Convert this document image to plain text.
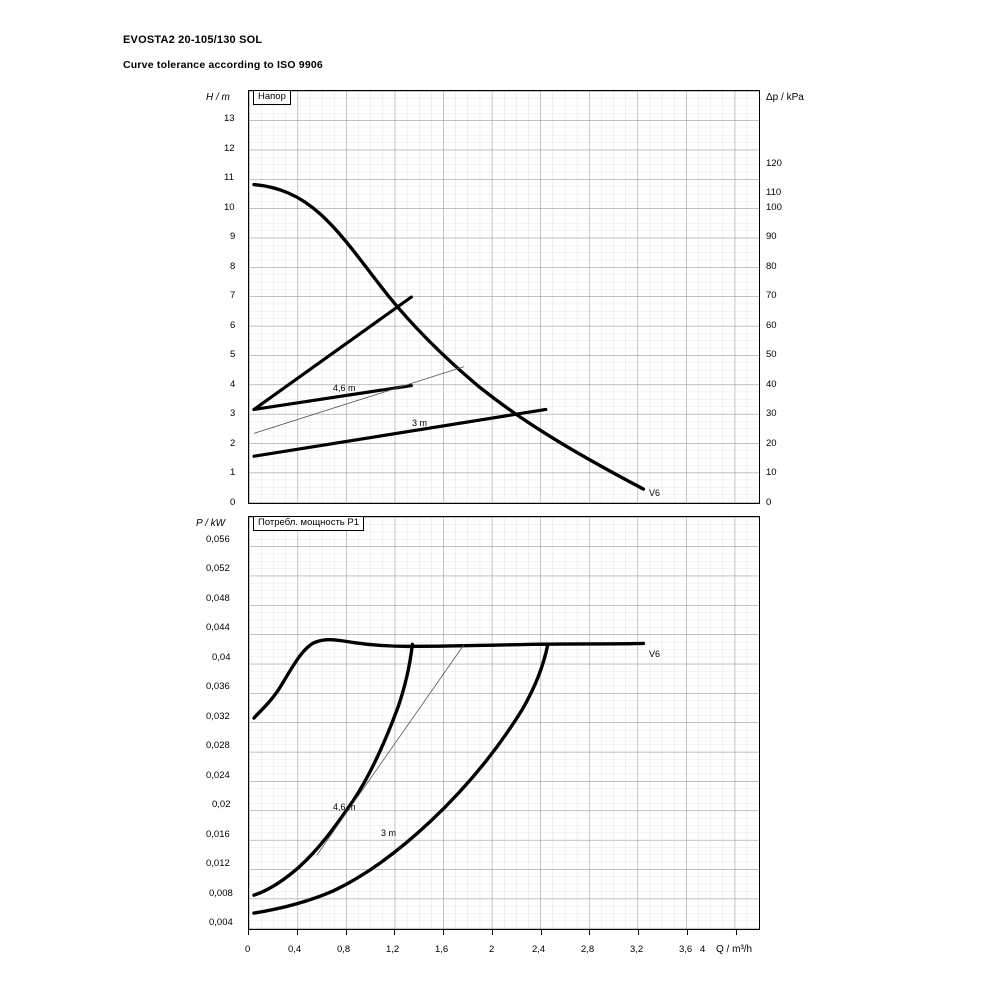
EVOSTA2 20-105/130 SOL
Curve tolerance according to ISO 9906
Напор
V6
4,6 m
3 m
H / m	Δp / kPa
13
12
11
10
9
8
7
6
5
4
3
2
1
0
120
110
100
90
80
70
60
50
40
30
20
10
0
Потребл. мощность P1
V6
4,6 m
3 m
P / kW
Q / m³/h
0,056
0,052
0,048
0,044
0,04
0,036
0,032
0,028
0,024
0,02
0,016
0,012
0,008
0,004
0	0,4	0,8	1,2	1,6	2	2,4	2,8	3,2	3,6 4
